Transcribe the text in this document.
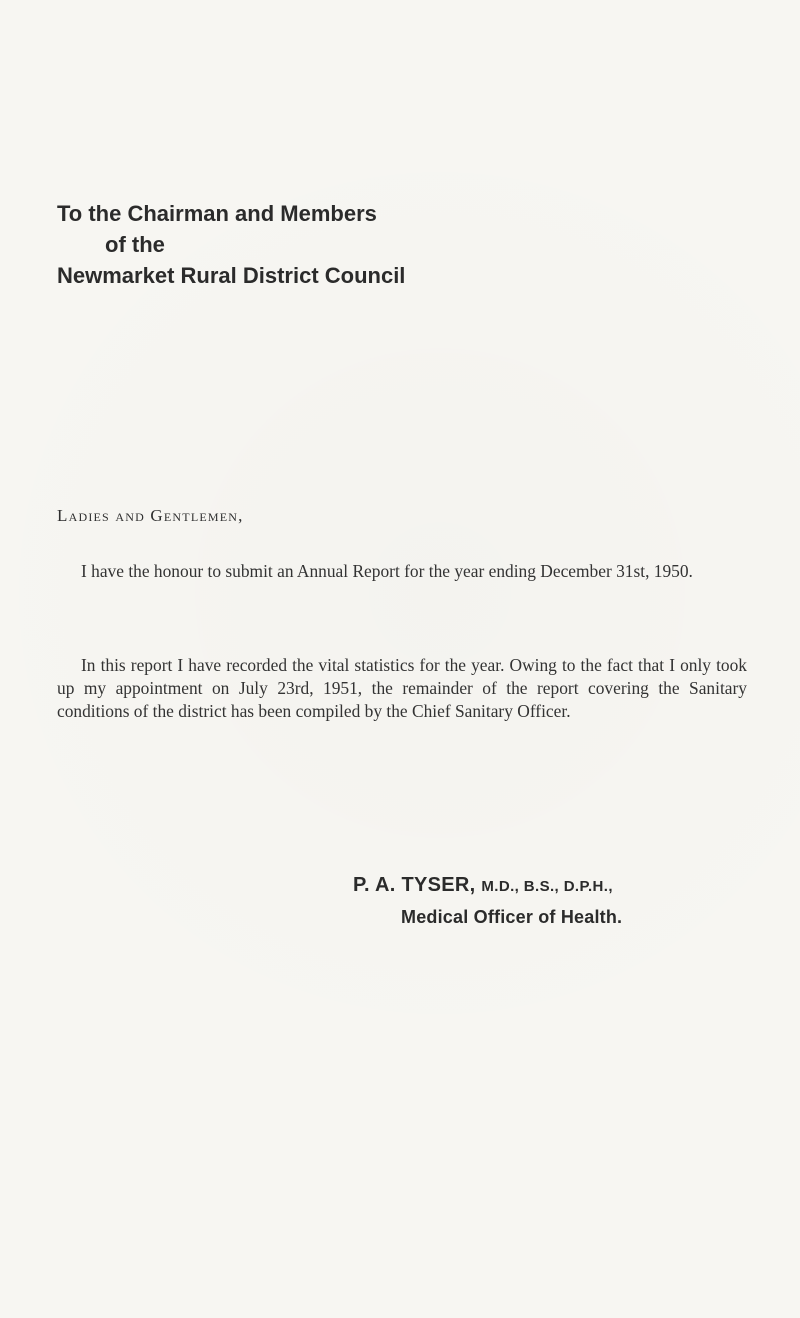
To the Chairman and Members
of the
Newmarket Rural District Council
Ladies and Gentlemen,

I have the honour to submit an Annual Report for the year ending December 31st, 1950.

In this report I have recorded the vital statistics for the year. Owing to the fact that I only took up my appointment on July 23rd, 1951, the remainder of the report covering the Sanitary conditions of the district has been compiled by the Chief Sanitary Officer.

P. A. TYSER, M.D., B.S., D.P.H.,
Medical Officer of Health.
